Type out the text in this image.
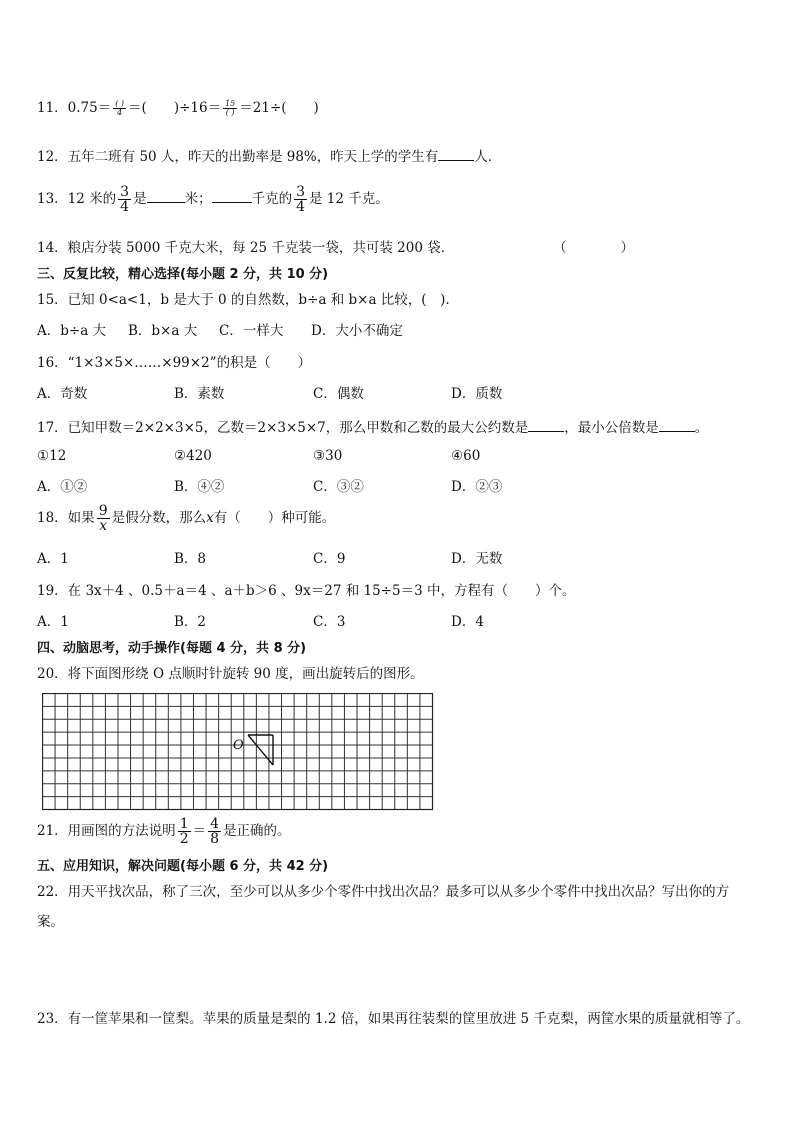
11．$0.75= \frac{( )}{4}$ ＝(　　)$\div 16= \frac{15}{( )} =21\div$(　　)
12．五年二班有 50 人，昨天的出勤率是 98%，昨天上学的学生有	人．
13．12 米的 $\frac{3}{4}$ 是	米；	千克的 $\frac{3}{4}$ 是 12 千克。
14．粮店分装 5000 千克大米，每 25 千克装一袋，共可装 200 袋．	（　　　　）
三、反复比较，精心选择(每小题 2 分，共 10 分)
15．已知 0<a<1，b 是大于 0 的自然数，b÷a 和 b×a 比较，(　).
A．b÷a 大 B．b×a 大 C．一样大 D．大小不确定
16．“1×3×5×……×99×2”的积是（　　）
A．奇数	B．素数	C．偶数	D．质数
17．已知甲数＝2×2×3×5，乙数＝2×3×5×7，那么甲数和乙数的最大公约数是	，最小公倍数是	。
①12	②420	③30	④60
A．①②	B．④②	C．③②	D．②③
18．如果 $\frac{9}{x}$ 是假分数，那么x有（　　）种可能。
A．1	B．8	C．9	D．无数
19．在 3x＋4 、0.5＋a＝4 、a＋b＞6 、9x＝27 和 15÷5＝3 中，方程有（　　）个。
A．1	B．2	C．3	D．4
四、动脑思考，动手操作(每题 4 分，共 8 分)
20．将下面图形绕 O 点顺时针旋转 90 度，画出旋转后的图形。
O
21．用画图的方法说明 $\frac{1}{2} = \frac{4}{8}$ 是正确的。
五、应用知识，解决问题(每小题 6 分，共 42 分)
22．用天平找次品，称了三次，至少可以从多少个零件中找出次品？最多可以从多少个零件中找出次品？写出你的方
案。
23．有一筐苹果和一筐梨。苹果的质量是梨的 1.2 倍，如果再往装梨的筐里放进 5 千克梨，两筐水果的质量就相等了。
